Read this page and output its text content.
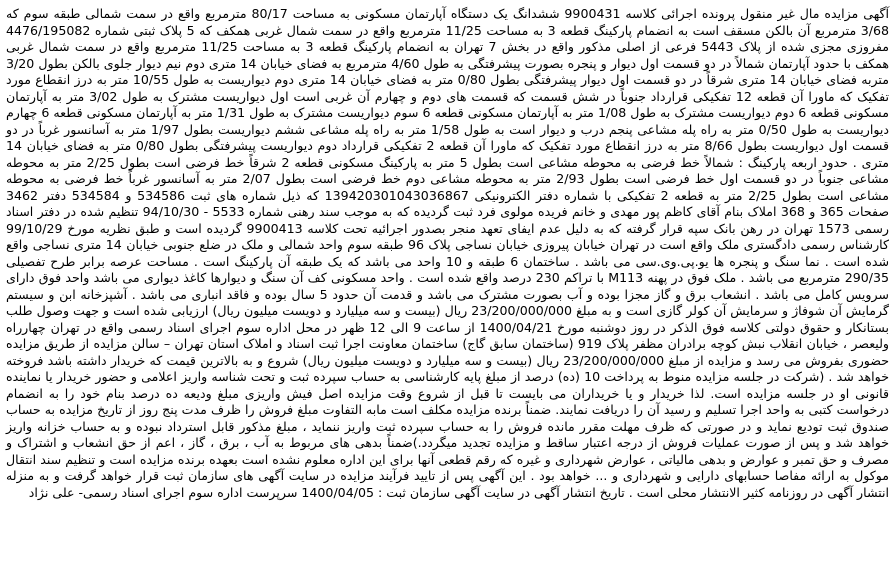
آگهی مزایده مال غیر منقول پرونده اجرائی کلاسه 9900431 ششدانگ یک دستگاه آپارتمان مسکونی به مساحت 80/17 مترمربع واقع در سمت شمالی طبقه سوم که 3/68 مترمربع آن بالکن مسقف است به انضمام پارکینگ قطعه 3 به مساحت 11/25 مترمربع واقع در سمت شمال غربی همکف که 5 پلاک ثبتی شماره 4476/195082 مفروزی مجزی شده از پلاک 5443 فرعی از اصلی مذکور واقع در بخش 7 تهران به انضمام پارکینگ قطعه 3 به مساحت 11/25 مترمربع واقع در سمت شمال غربی همکف با حدود آپارتمان شمالاً در دو قسمت اول دیوار و پنجره بصورت پیشرفتگی به طول 4/60 مترمربع به فضای خیابان 14 متری دوم نیم دیوار جلوی بالکن بطول 3/20 متربه فضای خیابان 14 متری شرقاً در دو قسمت اول دیوار پیشرفتگی بطول 0/80 متر به فضای خیابان 14 متری دوم دیواریست به طول 10/55 متر به درز انقطاع مورد تفکیک که ماورا آن قطعه 12 تفکیکی قرارداد جنوباً در شش قسمت که قسمت های دوم و چهارم آن غربی است اول دیواریست مشترک به طول 3/02 متر به آپارتمان مسکونی قطعه 6 دوم دیواریست مشترک به طول 1/08 متر به آپارتمان مسکونی قطعه 6 سوم دیواریست مشترک به طول 1/31 متر به آپارتمان مسکونی قطعه 6 چهارم دیواریست به طول 0/50 متر به راه پله مشاعی پنجم درب و دیوار است به طول 1/58 متر به راه پله مشاعی ششم دیواریست بطول 1/97 متر به آسانسور غرباً در دو قسمت اول دیواریست بطول 8/66 متر به درز انقطاع مورد تفکیک که ماورا آن قطعه 2 تفکیکی قرارداد دوم دیواریست پیشرفتگی بطول 0/80 متر به فضای خیابان 14 متری . حدود اربعه پارکینگ : شمالاً خط فرضی به محوطه مشاعی است بطول 5 متر به پارکینگ مسکونی قطعه 2 شرقاً خط فرضی است بطول 2/25 متر به محوطه مشاعی جنوباً در دو قسمت اول خط فرضی است بطول 2/93 متر به محوطه مشاعی دوم خط فرضی است بطول 2/07 متر به آسانسور غرباً خط فرضی به محوطه مشاعی است بطول 2/25 متر به قطعه 2 تفکیکی با شماره دفتر الکترونیکی 139420301043036867 که ذیل شماره های ثبت 534586 و 534584 دفتر 3462 صفحات 365 و 368 املاک بنام آقای کاظم پور مهدی و خانم فریده مولوی فرد ثبت گردیده که به موجب سند رهنی شماره 5533 - 94/10/30 تنظیم شده در دفتر اسناد رسمی 1573 تهران در رهن بانک سپه قرار گرفته که به دلیل عدم ایفای تعهد منجر بصدور اجرائیه تحت کلاسه 9900413 گردیده است و طبق نظریه مورخ 99/10/29 کارشناس رسمی دادگستری ملک واقع است در تهران خیابان پیروزی خیابان نساجی پلاک 96 طبقه سوم واحد شمالی و ملک در ضلع جنوبی خیابان 14 متری نساجی واقع شده است . نما سنگ و پنجره ها یو.پی.وی.سی می باشد . ساختمان 6 طبقه و 10 واحد می باشد که یک طبقه آن پارکینگ است . مساحت عرصه برابر طرح تفصیلی 290/35 مترمربع می باشد . ملک فوق در پهنه M113 با تراکم 230 درصد واقع شده است . واحد مسکونی کف آن سنگ و دیوارها کاغذ دیواری می باشد واحد فوق دارای سرویس کامل می باشد . انشعاب برق و گاز مجزا بوده و آب بصورت مشترک می باشد و قدمت آن حدود 5 سال بوده و فاقد انباری می باشد . آشپزخانه ابن و سیستم گرمایش آن شوفاژ و سرمایش آن کولر گازی است و به مبلغ 23/200/000/000 ریال (بیست و سه میلیارد و دویست میلیون ریال) ارزیابی شده است و جهت وصول طلب بستانکار و حقوق دولتی کلاسه فوق الذکر در روز دوشنبه مورخ 1400/04/21 از ساعت 9 الی 12 ظهر در محل اداره سوم اجرای اسناد رسمی واقع در تهران چهارراه ولیعصر ، خیابان انقلاب نبش کوچه برادران مظفر پلاک 919 (ساختمان سابق گاج) ساختمان معاونت اجرا ثبت اسناد و املاک استان تهران – سالن مزایده از طریق مزایده حضوری بفروش می رسد و مزایده از مبلغ 23/200/000/000 ریال (بیست و سه میلیارد و دویست میلیون ریال) شروع و به بالاترین قیمت که خریدار داشته باشد فروخته خواهد شد . (شرکت در جلسه مزایده منوط به پرداخت 10 (ده) درصد از مبلغ پایه کارشناسی به حساب سپرده ثبت و تحت شناسه واریز اعلامی و حضور خریدار یا نماینده قانونی او در جلسه مزایده است. لذا خریدار و یا خریداران می بایست تا قبل از شروع وقت مزایده اصل فیش واریزی مبلغ ودیعه ده درصد بنام خود را به انضمام درخواست کتبی به واحد اجرا تسلیم و رسید آن را دریافت نمایند. ضمناً برنده مزایده مکلف است مابه التفاوت مبلغ فروش را ظرف مدت پنج روز از تاریخ مزایده به حساب صندوق ثبت تودیع نماید و در صورتی که ظرف مهلت مقرر مانده فروش را به حساب سپرده ثبت واریز ننماید ، مبلغ مذکور قابل استرداد نبوده و به حساب خزانه واریز خواهد شد و پس از صورت عملیات فروش از درجه اعتبار ساقط و مزایده تجدید میگردد.)ضمناً بدهی های مربوط به آب ، برق ، گاز ، اعم از حق انشعاب و اشتراک و مصرف و حق تمبر و عوارض و بدهی مالیاتی ، عوارض شهرداری و غیره که رقم قطعی آنها برای این اداره معلوم نشده است بعهده برنده مزایده است و تنظیم سند انتقال موکول به ارائه مفاصا حسابهای دارایی و شهرداری و ... خواهد بود . این آگهی پس از تایید فرآیند مزایده در سایت آگهی های سازمان ثبت قرار خواهد گرفت و به منزله انتشار آگهی در روزنامه کثیر الانتشار محلی است . تاریخ انتشار آگهی در سایت آگهی سازمان ثبت : 1400/04/05 سرپرست اداره سوم اجرای اسناد رسمی- علی نژاد
